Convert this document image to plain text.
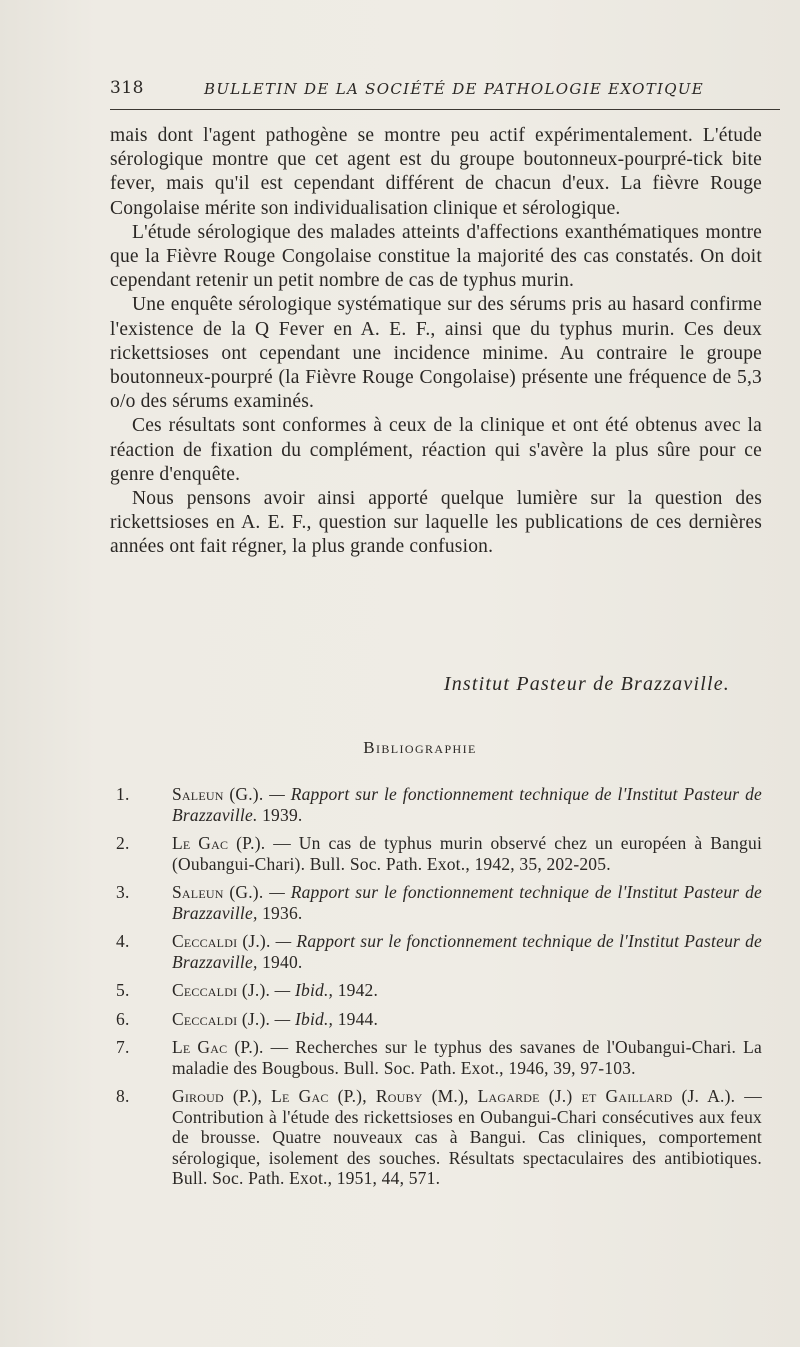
318	BULLETIN DE LA SOCIÉTÉ DE PATHOLOGIE EXOTIQUE

mais dont l'agent pathogène se montre peu actif expérimentalement. L'étude sérologique montre que cet agent est du groupe boutonneux-pourpré-tick bite fever, mais qu'il est cependant différent de chacun d'eux. La fièvre Rouge Congolaise mérite son individualisation clinique et sérologique.

L'étude sérologique des malades atteints d'affections exanthématiques montre que la Fièvre Rouge Congolaise constitue la majorité des cas constatés. On doit cependant retenir un petit nombre de cas de typhus murin.

Une enquête sérologique systématique sur des sérums pris au hasard confirme l'existence de la Q Fever en A. E. F., ainsi que du typhus murin. Ces deux rickettsioses ont cependant une incidence minime. Au contraire le groupe boutonneux-pourpré (la Fièvre Rouge Congolaise) présente une fréquence de 5,3 o/o des sérums examinés.

Ces résultats sont conformes à ceux de la clinique et ont été obtenus avec la réaction de fixation du complément, réaction qui s'avère la plus sûre pour ce genre d'enquête.

Nous pensons avoir ainsi apporté quelque lumière sur la question des rickettsioses en A. E. F., question sur laquelle les publications de ces dernières années ont fait régner, la plus grande confusion.

Institut Pasteur de Brazzaville.
Bibliographie
1.	Saleun (G.). — Rapport sur le fonctionnement technique de l'Institut Pasteur de Brazzaville. 1939.
2.	Le Gac (P.). — Un cas de typhus murin observé chez un européen à Bangui (Oubangui-Chari). Bull. Soc. Path. Exot., 1942, 35, 202-205.
3.	Saleun (G.). — Rapport sur le fonctionnement technique de l'Institut Pasteur de Brazzaville, 1936.
4.	Ceccaldi (J.). — Rapport sur le fonctionnement technique de l'Institut Pasteur de Brazzaville, 1940.
5.	Ceccaldi (J.). — Ibid., 1942.
6.	Ceccaldi (J.). — Ibid., 1944.
7.	Le Gac (P.). — Recherches sur le typhus des savanes de l'Oubangui-Chari. La maladie des Bougbous. Bull. Soc. Path. Exot., 1946, 39, 97-103.
8.	Giroud (P.), Le Gac (P.), Rouby (M.), Lagarde (J.) et Gaillard (J. A.). — Contribution à l'étude des rickettsioses en Oubangui-Chari consécutives aux feux de brousse. Quatre nouveaux cas à Bangui. Cas cliniques, comportement sérologique, isolement des souches. Résultats spectaculaires des antibiotiques. Bull. Soc. Path. Exot., 1951, 44, 571.
